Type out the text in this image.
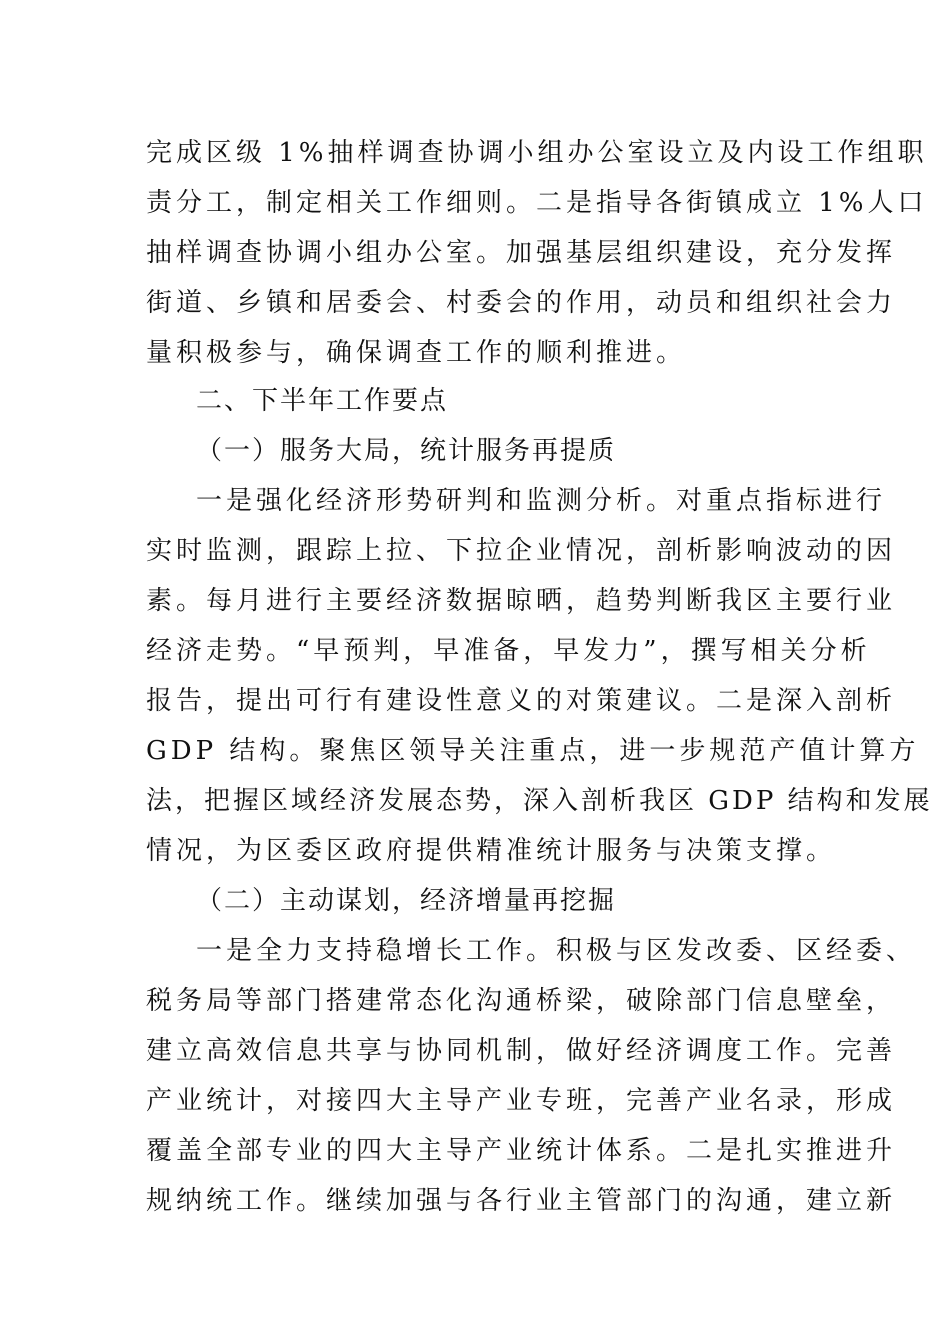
完成区级 1%抽样调查协调小组办公室设立及内设工作组职
责分工，制定相关工作细则。二是指导各街镇成立 1%人口
抽样调查协调小组办公室。加强基层组织建设，充分发挥
街道、乡镇和居委会、村委会的作用，动员和组织社会力
量积极参与，确保调查工作的顺利推进。
二、下半年工作要点
（一）服务大局，统计服务再提质
一是强化经济形势研判和监测分析。对重点指标进行
实时监测，跟踪上拉、下拉企业情况，剖析影响波动的因
素。每月进行主要经济数据晾晒，趋势判断我区主要行业
经济走势。“早预判，早准备，早发力”，撰写相关分析
报告，提出可行有建设性意义的对策建议。二是深入剖析
GDP 结构。聚焦区领导关注重点，进一步规范产值计算方
法，把握区域经济发展态势，深入剖析我区 GDP 结构和发展
情况，为区委区政府提供精准统计服务与决策支撑。
（二）主动谋划，经济增量再挖掘
一是全力支持稳增长工作。积极与区发改委、区经委、
税务局等部门搭建常态化沟通桥梁，破除部门信息壁垒，
建立高效信息共享与协同机制，做好经济调度工作。完善
产业统计，对接四大主导产业专班，完善产业名录，形成
覆盖全部专业的四大主导产业统计体系。二是扎实推进升
规纳统工作。继续加强与各行业主管部门的沟通，建立新
